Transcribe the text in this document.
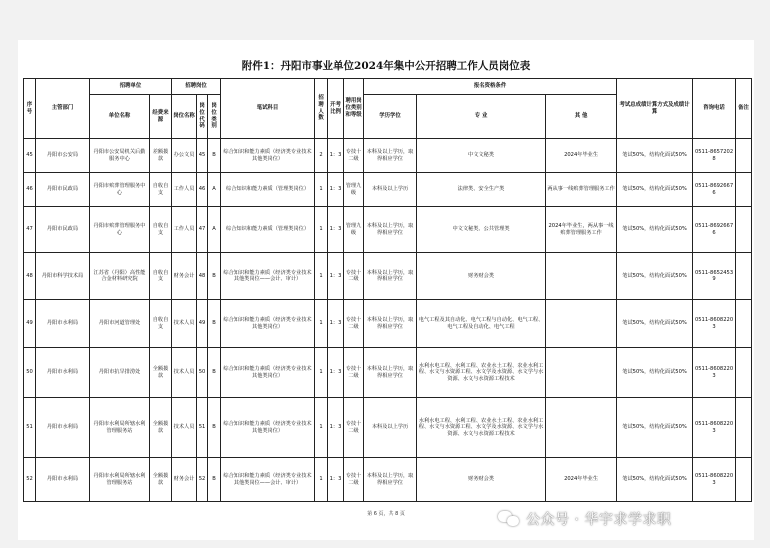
附件1：丹阳市事业单位2024年集中公开招聘工作人员岗位表
序号	主管部门	招聘单位		招聘岗位			笔试科目	招聘人数	开考比例	聘用岗位类别和等级	报名资格条件			考试总成绩计算方式及成绩计算	咨询电话	备注
		单位名称	经费来源	岗位名称	岗位代码	岗位类别					学历学位	专 业	其 他			
45	丹阳市公安局	丹阳市公安局机关后勤服务中心	差额拨款	办公文员	45	B	综合知识和能力素质（经济类专业技术其他类岗位）	2	1：3	专技十二级	本科及以上学历，取得相应学位	中文文秘类	2024年毕业生	笔试50%，结构化面试50%	0511-86572028	
46	丹阳市民政局	丹阳市殡葬管理服务中心	自收自支	工作人员	46	A	综合知识和能力素质（管理类岗位）	1	1：3	管理九级	本科及以上学历	法律类、安全生产类	两从事一线殡葬管理服务工作	笔试50%，结构化面试50%	0511-86926676	
47	丹阳市民政局	丹阳市殡葬管理服务中心	自收自支	工作人员	47	A	综合知识和能力素质（管理类岗位）	1	1：3	管理九级	本科及以上学历，取得相应学位	中文文秘类、公共管理类	2024年毕业生，两从事一线殡葬管理服务工作	笔试50%，结构化面试50%	0511-86926676	
48	丹阳市科学技术局	江苏省（丹阳）高性能合金材料研究院	自收自支	财务会计	48	B	综合知识和能力素质（经济类专业技术其他类岗位——会计、审计）	1	1：3	专技十二级	本科及以上学历，取得相应学位	财务财会类		笔试50%，结构化面试50%	0511-86524539	
49	丹阳市水利局	丹阳市河道管理处	自收自支	技术人员	49	B	综合知识和能力素质（经济类专业技术其他类岗位）	1	1：3	专技十二级	本科及以上学历，取得相应学位	电气工程及其自动化、电气工程与自动化、电气工程、电气工程及自动化、电气工程		笔试50%，结构化面试50%	0511-86082203	
50	丹阳市水利局	丹阳市抗旱排涝处	全额拨款	技术人员	50	B	综合知识和能力素质（经济类专业技术其他类岗位）	1	1：3	专技十二级	本科及以上学历，取得相应学位	水利水电工程、水利工程、农业水土工程、农业水利工程、水文与水资源工程、水文学及水资源、水文学与水资源、水文与水资源工程技术		笔试50%，结构化面试50%	0511-86082203	
51	丹阳市水利局	丹阳市水利局所辖水利管理服务站	全额拨款	技术人员	51	B	综合知识和能力素质（经济类专业技术其他类岗位）	1	1：3	专技十二级	本科及以上学历	水利水电工程、水利工程、农业水土工程、农业水利工程、水文与水资源工程、水文学及水资源、水文学与水资源、水文与水资源工程技术		笔试50%，结构化面试50%	0511-86082203	
52	丹阳市水利局	丹阳市水利局所辖水利管理服务站	全额拨款	财务会计	52	B	综合知识和能力素质（经济类专业技术其他类岗位——会计、审计）	1	1：3	专技十二级	本科及以上学历，取得相应学位	财务财会类	2024年毕业生	笔试50%，结构化面试50%	0511-86082203	
第 6 页，共 8 页	公众号 · 华宇求学求职
